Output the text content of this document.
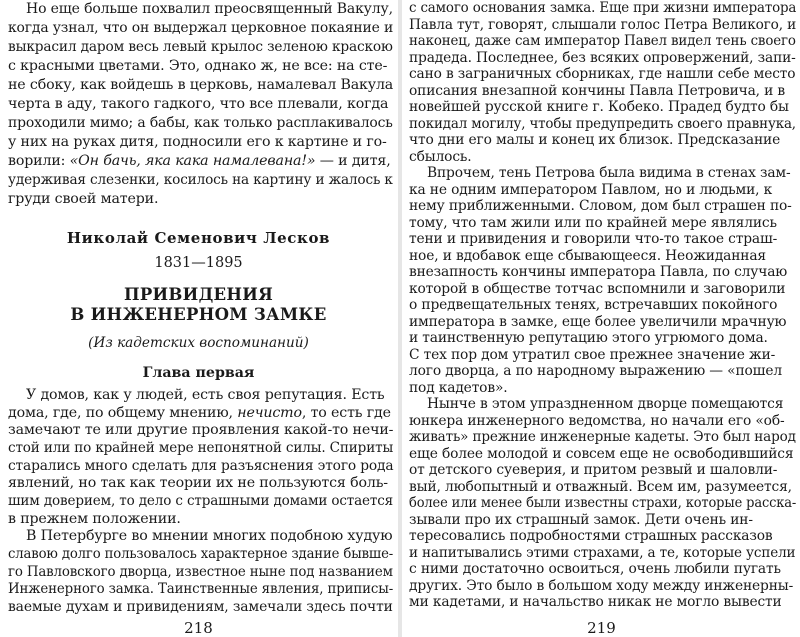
Но еще больше похвалил преосвященный Вакулу,
когда узнал, что он выдержал церковное покаяние и
выкрасил даром весь левый крылос зеленою краскою
с красными цветами. Это, однако ж, не все: на сте-
не сбоку, как войдешь в церковь, намалевал Вакула
черта в аду, такого гадкого, что все плевали, когда
проходили мимо; а бабы, как только расплакивалось
у них на руках дитя, подносили его к картине и го-
ворили: «Он бачь, яка кака намалевана!» — и дитя,
удерживая слезенки, косилось на картину и жалось к
груди своей матери.
Николай Семенович Лесков
1831—1895
ПРИВИДЕНИЯ
В ИНЖЕНЕРНОМ ЗАМКЕ
(Из кадетских воспоминаний)
Глава первая
У домов, как у людей, есть своя репутация. Есть
дома, где, по общему мнению, нечисто, то есть где
замечают те или другие проявления какой-то нечи-
стой или по крайней мере непонятной силы. Спириты
старались много сделать для разъяснения этого рода
явлений, но так как теории их не пользуются боль-
шим доверием, то дело с страшными домами остается
в прежнем положении.
В Петербурге во мнении многих подобною худую
славою долго пользовалось характерное здание бывше-
го Павловского дворца, известное ныне под названием
Инженерного замка. Таинственные явления, приписы-
ваемые духам и привидениям, замечали здесь почти
218
с самого основания замка. Еще при жизни императора
Павла тут, говорят, слышали голос Петра Великого, и
наконец, даже сам император Павел видел тень своего
прадеда. Последнее, без всяких опровержений, запи-
сано в заграничных сборниках, где нашли себе место
описания внезапной кончины Павла Петровича, и в
новейшей русской книге г. Кобеко. Прадед будто бы
покидал могилу, чтобы предупредить своего правнука,
что дни его малы и конец их близок. Предсказание
сбылось.
Впрочем, тень Петрова была видима в стенах зам-
ка не одним императором Павлом, но и людьми, к
нему приближенными. Словом, дом был страшен по-
тому, что там жили или по крайней мере являлись
тени и привидения и говорили что-то такое страш-
ное, и вдобавок еще сбывающееся. Неожиданная
внезапность кончины императора Павла, по случаю
которой в обществе тотчас вспомнили и заговорили
о предвещательных тенях, встречавших покойного
императора в замке, еще более увеличили мрачную
и таинственную репутацию этого угрюмого дома.
С тех пор дом утратил свое прежнее значение жи-
лого дворца, а по народному выражению — «пошел
под кадетов».
Нынче в этом упраздненном дворце помещаются
юнкера инженерного ведомства, но начали его «об-
живать» прежние инженерные кадеты. Это был народ
еще более молодой и совсем еще не освободившийся
от детского суеверия, и притом резвый и шаловли-
вый, любопытный и отважный. Всем им, разумеется,
более или менее были известны страхи, которые расска-
зывали про их страшный замок. Дети очень ин-
тересовались подробностями страшных рассказов
и напитывались этими страхами, а те, которые успели
с ними достаточно освоиться, очень любили пугать
других. Это было в большом ходу между инженерны-
ми кадетами, и начальство никак не могло вывести
219
